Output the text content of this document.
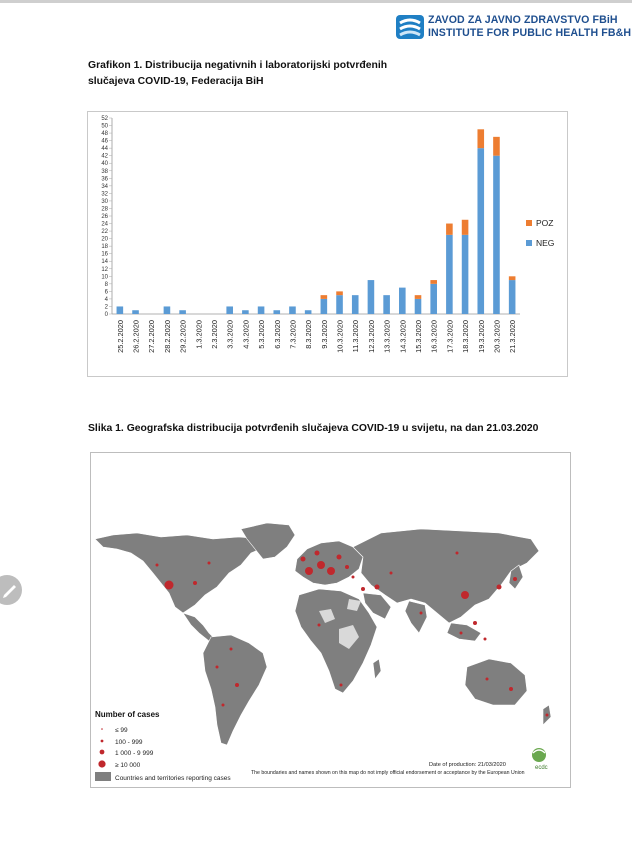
ZAVOD ZA JAVNO ZDRAVSTVO FBiH
INSTITUTE FOR PUBLIC HEALTH FB&H
Grafikon 1. Distribucija negativnih i laboratorijski potvrđenih
slučajeva COVID-19, Federacija BiH
0
2
4
6
8
10
12
14
16
18
20
22
24
26
28
30
32
34
36
38
40
42
44
46
48
50
52
25.2.2020 26.2.2020 27.2.2020 28.2.2020 29.2.2020 1.3.2020 2.3.2020 3.3.2020 4.3.2020 5.3.2020 6.3.2020 7.3.2020 8.3.2020 9.3.2020 10.3.2020 11.3.2020 12.3.2020 13.3.2020 14.3.2020 15.3.2020 16.3.2020 17.3.2020 18.3.2020 19.3.2020 20.3.2020 21.3.2020
POZ
NEG
Slika 1. Geografska distribucija potvrđenih slučajeva COVID-19 u svijetu, na dan 21.03.2020
Number of cases
≤ 99
100 - 999
1 000 - 9 999
≥ 10 000
Countries and territories reporting cases
Date of production: 21/03/2020
The boundaries and names shown on this map do not imply official endorsement or acceptance by the European Union
ecdc
